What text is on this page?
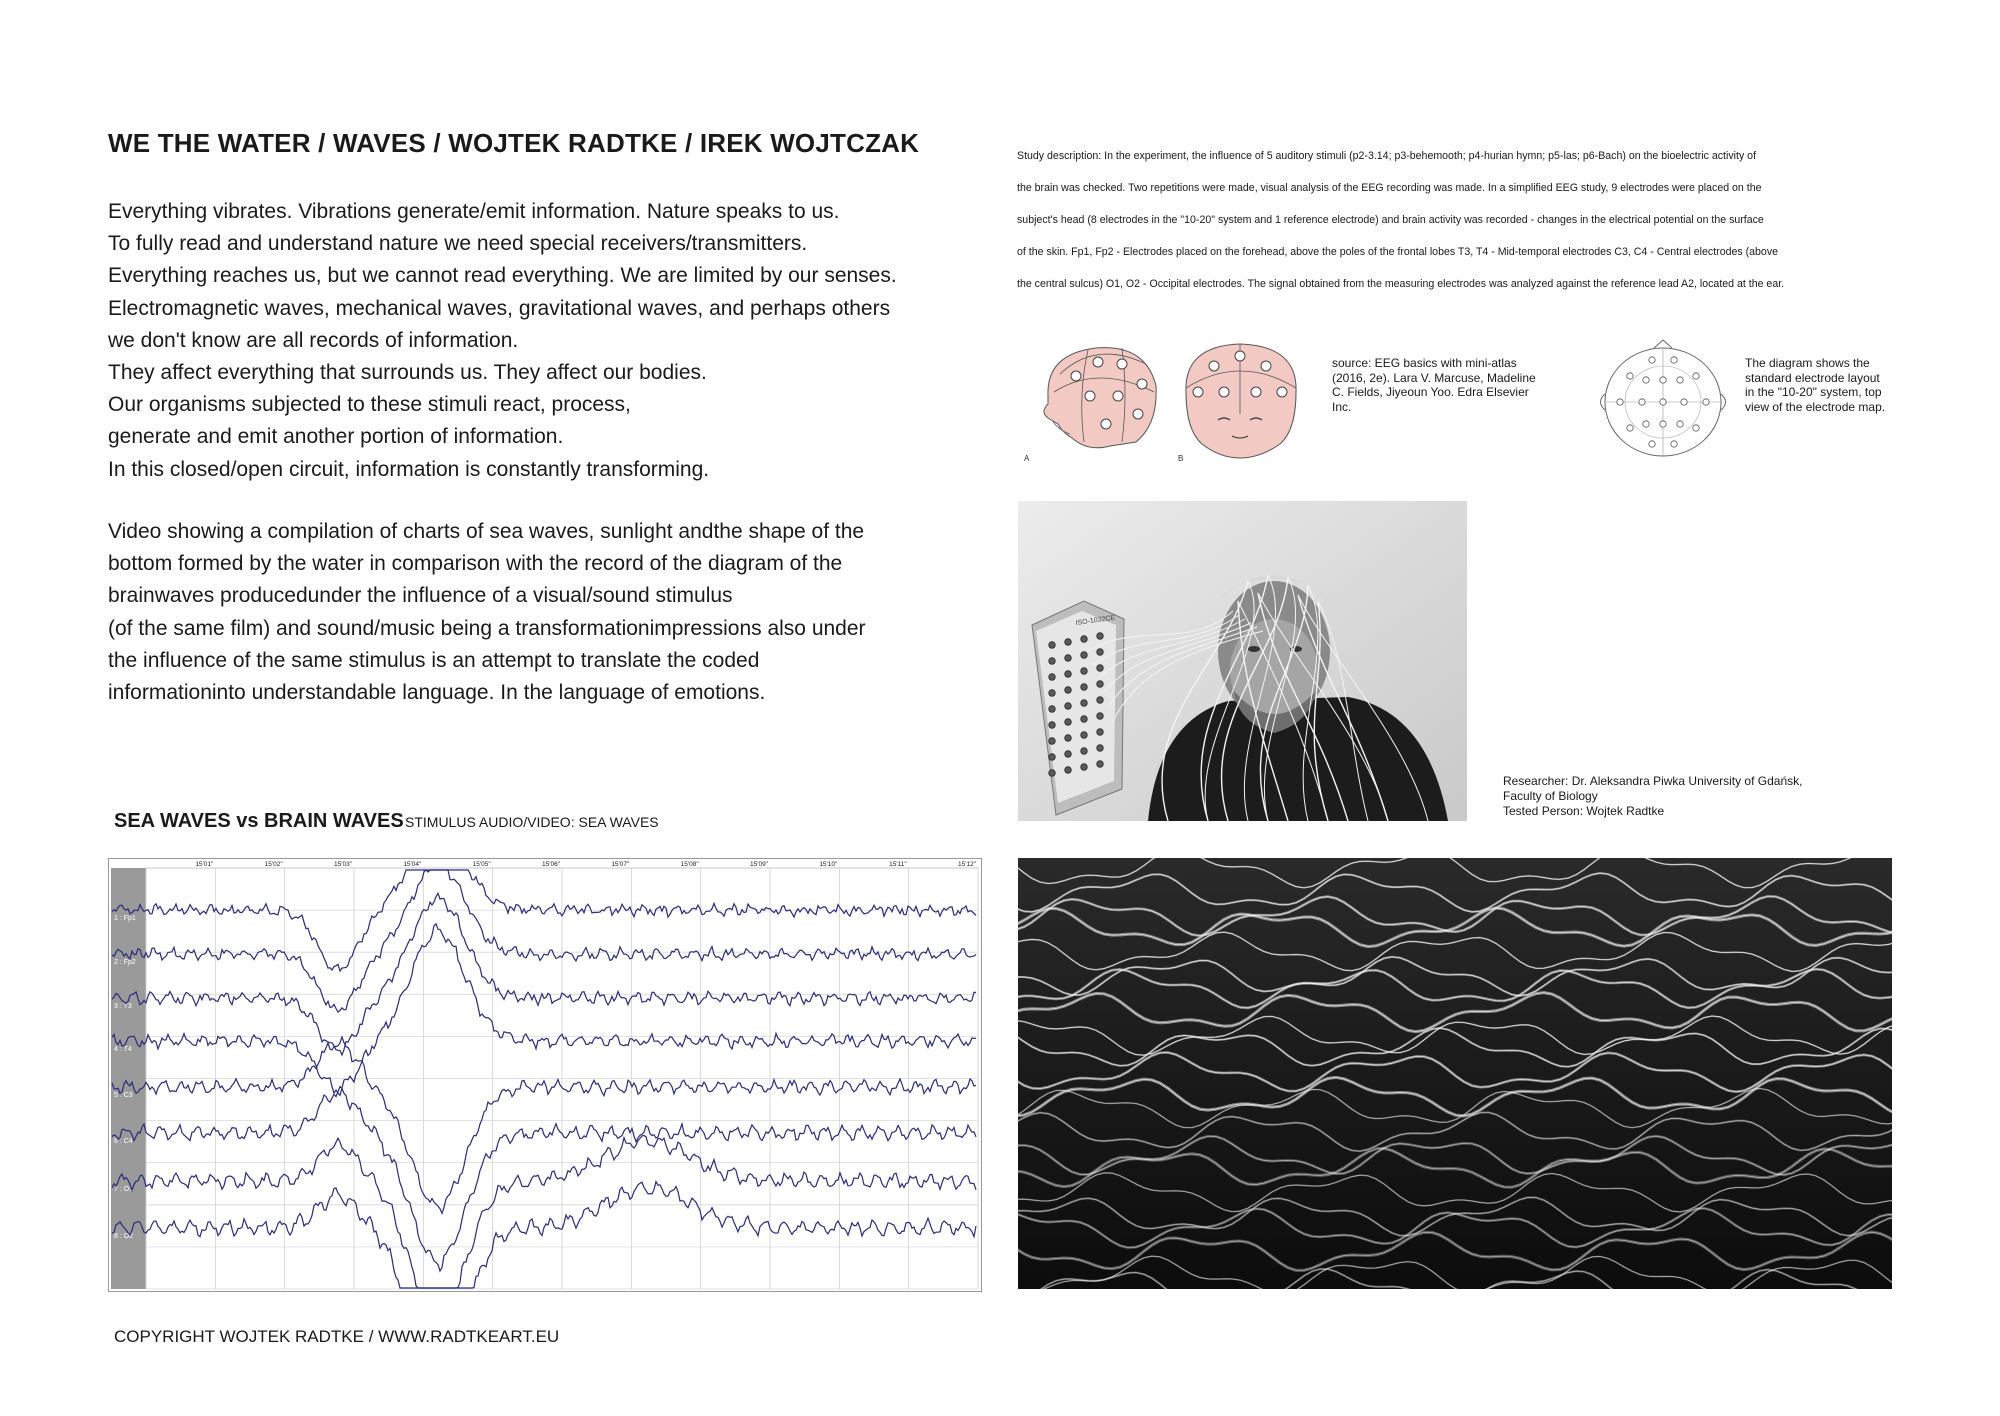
WE THE WATER / WAVES / WOJTEK RADTKE / IREK WOJTCZAK
Everything vibrates. Vibrations generate/emit information. Nature speaks to us.
To fully read and understand nature we need special receivers/transmitters.
Everything reaches us, but we cannot read everything. We are limited by our senses.
Electromagnetic waves, mechanical waves, gravitational waves, and perhaps others
we don't know are all records of information.
They affect everything that surrounds us. They affect our bodies.
Our organisms subjected to these stimuli react, process,
generate and emit another portion of information.
In this closed/open circuit, information is constantly transforming.
Video showing a compilation of charts of sea waves, sunlight andthe shape of the
bottom formed by the water in comparison with the record of the diagram of the
brainwaves producedunder the influence of a visual/sound stimulus
(of the same film) and sound/music being a transformationimpressions also under
the influence of the same stimulus is an attempt to translate the coded
informationinto understandable language. In the language of emotions.
SEA WAVES vs BRAIN WAVES STIMULUS AUDIO/VIDEO: SEA WAVES
15'01"	15'02"	15'03"	15'04"	15'05"	15'06"	15'07"	15'08"	15'09"	15'10"	15'11"	15'12"
1 : Fp1
2 : Fp2
3 : T3
4 : T4
5 : C3
6 : C4
7 : O1
8 : O2
COPYRIGHT WOJTEK RADTKE / WWW.RADTKEART.EU
Study description: In the experiment, the influence of 5 auditory stimuli (p2-3.14; p3-behemooth; p4-hurian hymn; p5-las; p6-Bach) on the bioelectric activity of
the brain was checked. Two repetitions were made, visual analysis of the EEG recording was made. In a simplified EEG study, 9 electrodes were placed on the
subject's head (8 electrodes in the "10-20" system and 1 reference electrode) and brain activity was recorded - changes in the electrical potential on the surface
of the skin. Fp1, Fp2 - Electrodes placed on the forehead, above the poles of the frontal lobes T3, T4 - Mid-temporal electrodes C3, C4 - Central electrodes (above
the central sulcus) O1, O2 - Occipital electrodes. The signal obtained from the measuring electrodes was analyzed against the reference lead A2, located at the ear.
A	B
source: EEG basics with mini-atlas
(2016, 2e). Lara V. Marcuse, Madeline
C. Fields, Jiyeoun Yoo. Edra Elsevier
Inc.
The diagram shows the
standard electrode layout
in the "10-20" system, top
view of the electrode map.
ISO-1032CE
Researcher: Dr. Aleksandra Piwka University of Gdańsk,
Faculty of Biology
Tested Person: Wojtek Radtke
